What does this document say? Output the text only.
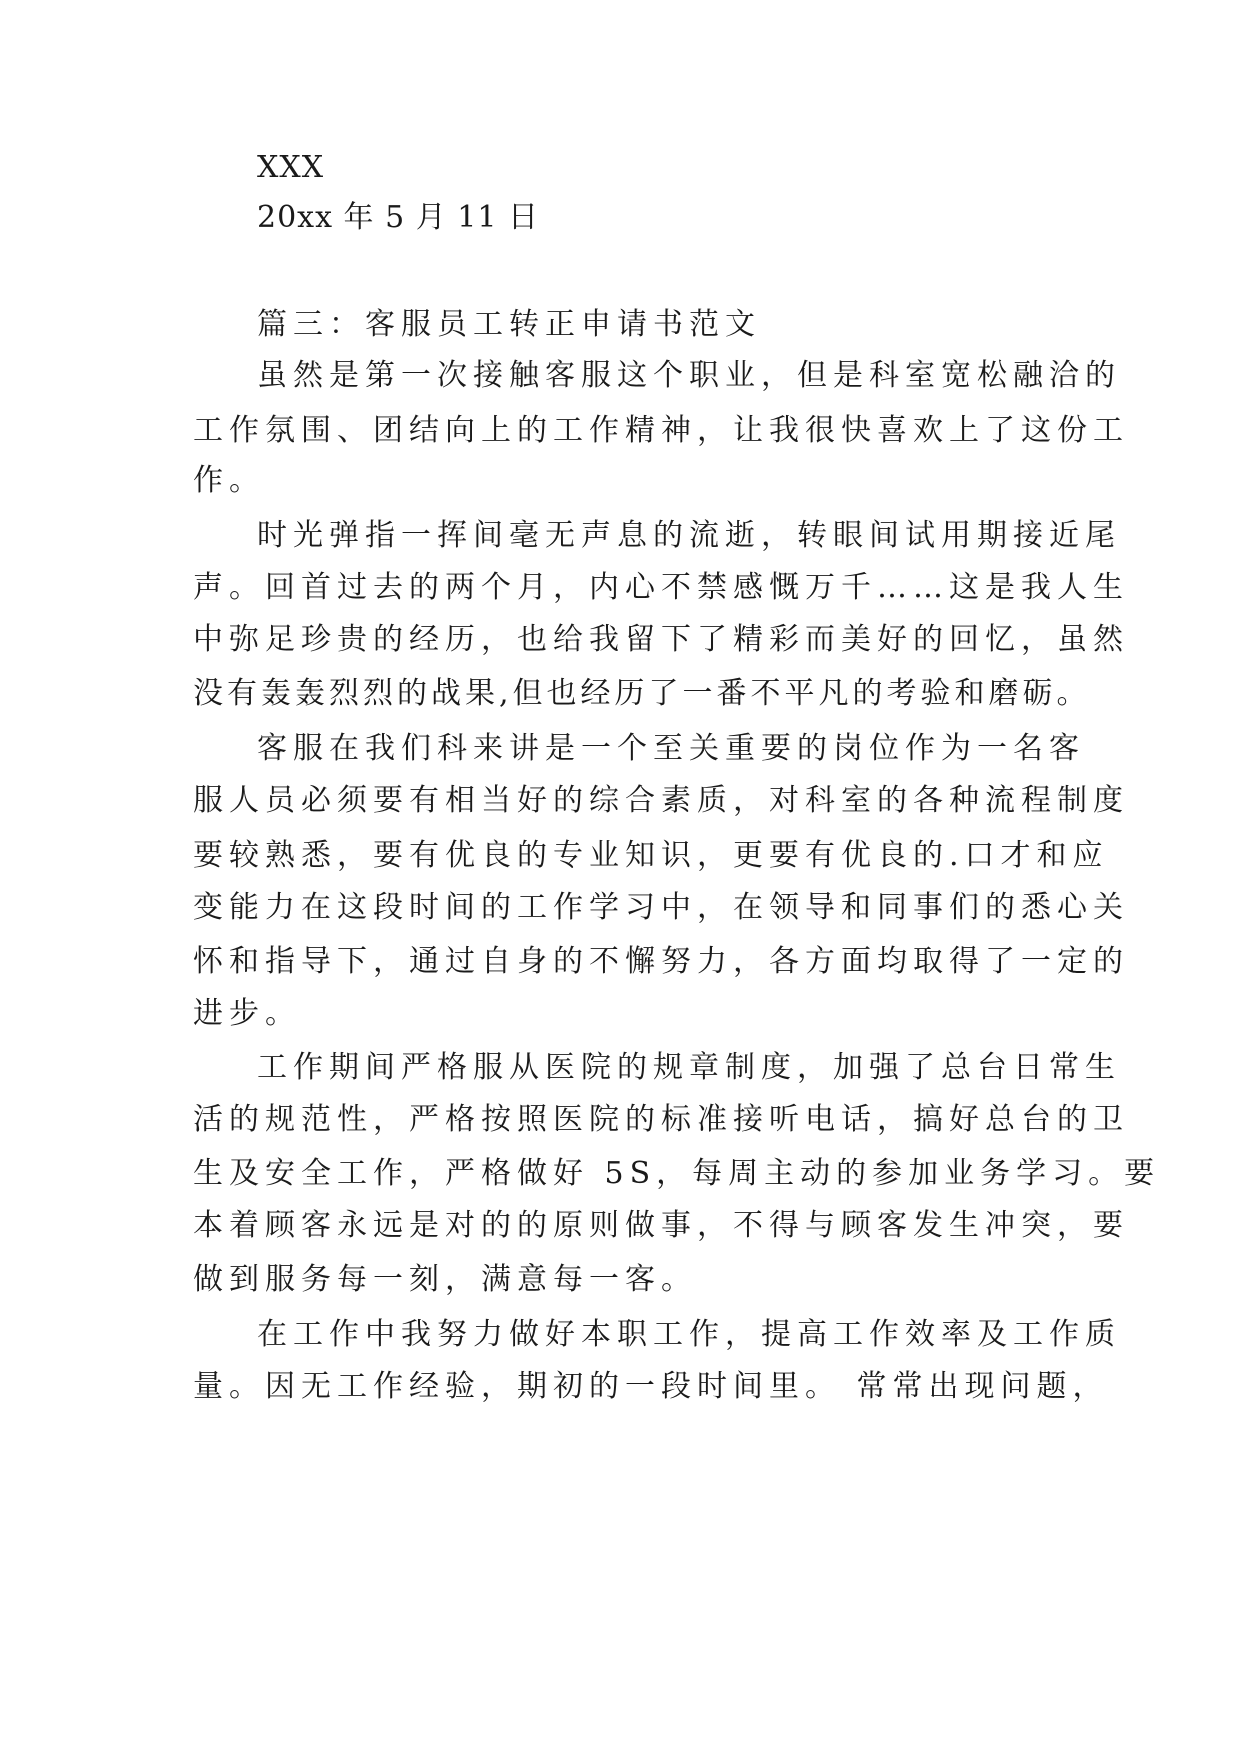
XXX
20xx 年 5 月 11 日
篇三：客服员工转正申请书范文
虽然是第一次接触客服这个职业，但是科室宽松融洽的
工作氛围、团结向上的工作精神，让我很快喜欢上了这份工
作。
时光弹指一挥间毫无声息的流逝，转眼间试用期接近尾
声。回首过去的两个月，内心不禁感慨万千……这是我人生
中弥足珍贵的经历，也给我留下了精彩而美好的回忆，虽然
没有轰轰烈烈的战果,但也经历了一番不平凡的考验和磨砺。
客服在我们科来讲是一个至关重要的岗位作为一名客
服人员必须要有相当好的综合素质，对科室的各种流程制度
要较熟悉，要有优良的专业知识，更要有优良的.口才和应
变能力在这段时间的工作学习中，在领导和同事们的悉心关
怀和指导下，通过自身的不懈努力，各方面均取得了一定的
进步。
工作期间严格服从医院的规章制度，加强了总台日常生
活的规范性，严格按照医院的标准接听电话，搞好总台的卫
生及安全工作，严格做好 5S，每周主动的参加业务学习。要
本着顾客永远是对的的原则做事，不得与顾客发生冲突，要
做到服务每一刻，满意每一客。
在工作中我努力做好本职工作，提高工作效率及工作质
量。因无工作经验，期初的一段时间里。 常常出现问题，
